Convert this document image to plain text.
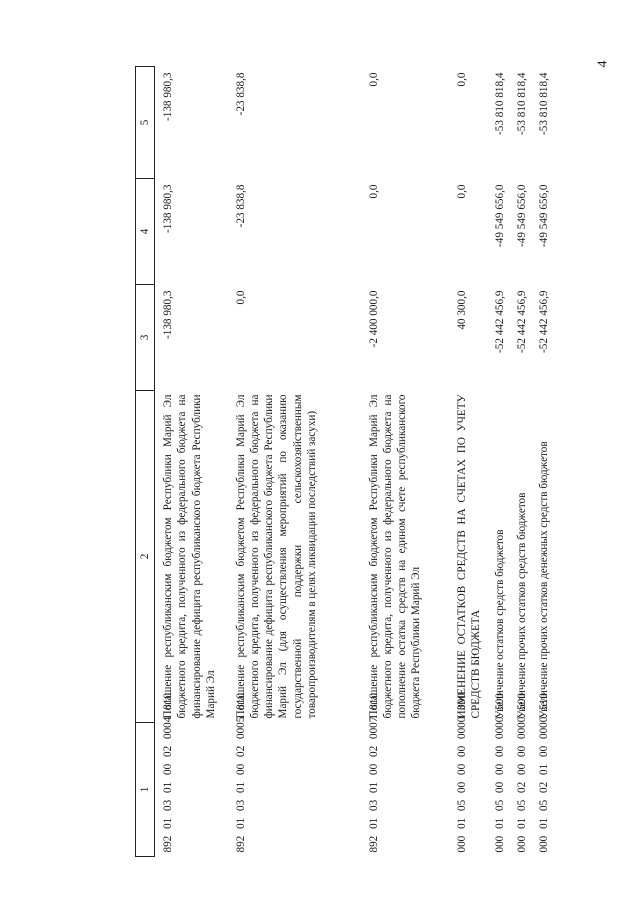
4
1	2	3	4	5
892 01 03 01 00 02 0004 810	Погашение республиканским бюджетом Республики Марий Эл бюджетного кредита, полученного из федерального бюджета на финансирование дефицита республиканского бюджета Республики Марий Эл	-138 980,3	-138 980,3	-138 980,3
892 01 03 01 00 02 0005 810	Погашение республиканским бюджетом Республики Марий Эл бюджетного кредита, полученного из федерального бюджета на финансирование дефицита республиканского бюджета Республики Марий Эл (для осуществления мероприятий по оказанию государственной поддержки сельскохозяйственным товаропроизводителям в целях ликвидации последствий засухи)	0,0	-23 838,8	-23 838,8
892 01 03 01 00 02 0007 810	Погашение республиканским бюджетом Республики Марий Эл бюджетного кредита, полученного из федерального бюджета на пополнение остатка средств на едином счете республиканского бюджета Республики Марий Эл	-2 400 000,0	0,0	0,0
000 01 05 00 00 00 0000 000	ИЗМЕНЕНИЕ ОСТАТКОВ СРЕДСТВ НА СЧЕТАХ ПО УЧЕТУ СРЕДСТВ БЮДЖЕТА	40 300,0	0,0	0,0
000 01 05 00 00 00 0000 500	Увеличение остатков средств бюджетов	-52 442 456,9	-49 549 656,0	-53 810 818,4
000 01 05 02 00 00 0000 500	Увеличение прочих остатков средств бюджетов	-52 442 456,9	-49 549 656,0	-53 810 818,4
000 01 05 02 01 00 0000 510	Увеличение прочих остатков денежных средств бюджетов	-52 442 456,9	-49 549 656,0	-53 810 818,4
